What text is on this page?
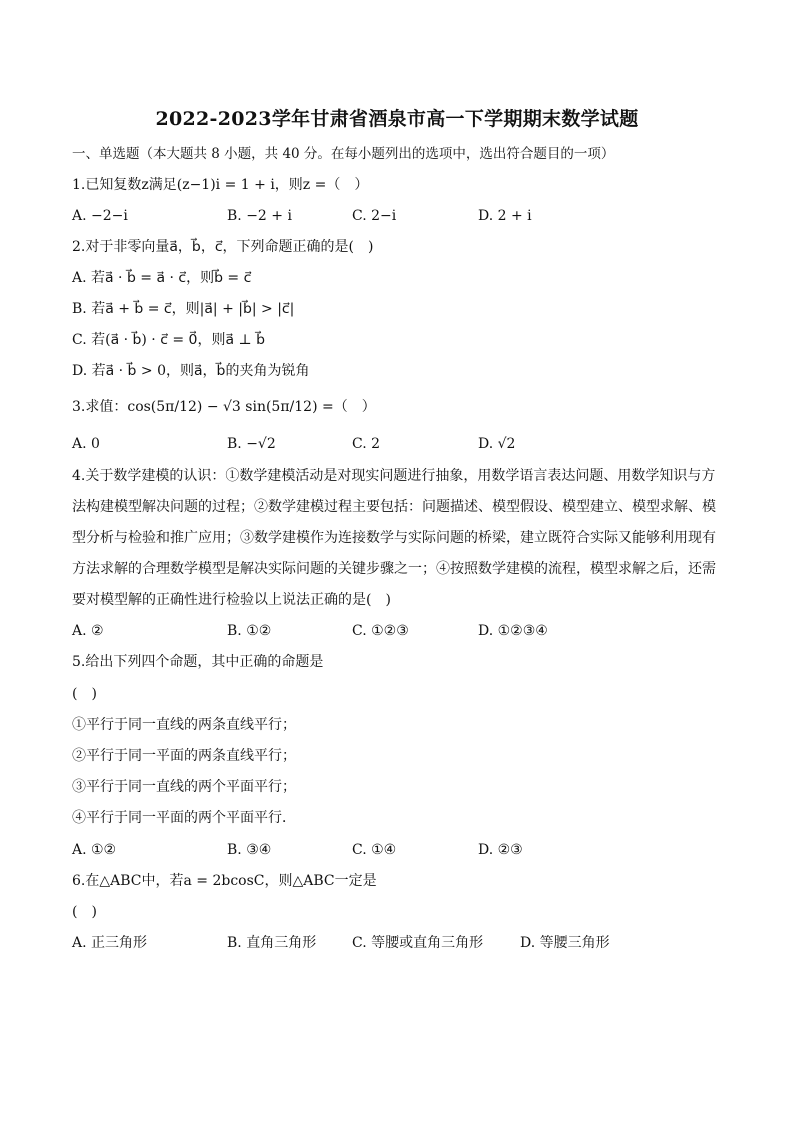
2022-2023学年甘肃省酒泉市高一下学期期末数学试题
一、单选题（本大题共 8 小题，共 40 分。在每小题列出的选项中，选出符合题目的一项）
1.已知复数z满足(z−1)i = 1 + i，则z =（　）
A. −2−i	B. −2 + i	C. 2−i	D. 2 + i
2.对于非零向量a⃗，b⃗，c⃗，下列命题正确的是(　)
A. 若a⃗ · b⃗ = a⃗ · c⃗，则b⃗ = c⃗
B. 若a⃗ + b⃗ = c⃗，则|a⃗| + |b⃗| > |c⃗|
C. 若(a⃗ · b⃗) · c⃗ = 0⃗，则a⃗ ⊥ b⃗
D. 若a⃗ · b⃗ > 0，则a⃗，b⃗的夹角为锐角
3.求值：cos(5π/12) − √3 sin(5π/12) =（　）
A. 0	B. −√2	C. 2	D. √2
4.关于数学建模的认识：①数学建模活动是对现实问题进行抽象，用数学语言表达问题、用数学知识与方
法构建模型解决问题的过程；②数学建模过程主要包括：问题描述、模型假设、模型建立、模型求解、模
型分析与检验和推广应用；③数学建模作为连接数学与实际问题的桥梁，建立既符合实际又能够利用现有
方法求解的合理数学模型是解决实际问题的关键步骤之一；④按照数学建模的流程，模型求解之后，还需
要对模型解的正确性进行检验以上说法正确的是(　)
A. ②	B. ①②	C. ①②③	D. ①②③④
5.给出下列四个命题，其中正确的命题是
(　)
①平行于同一直线的两条直线平行；
②平行于同一平面的两条直线平行；
③平行于同一直线的两个平面平行；
④平行于同一平面的两个平面平行．
A. ①②	B. ③④	C. ①④	D. ②③
6.在△ABC中，若a = 2bcosC，则△ABC一定是
(　)
A. 正三角形	B. 直角三角形	C. 等腰或直角三角形	D. 等腰三角形
